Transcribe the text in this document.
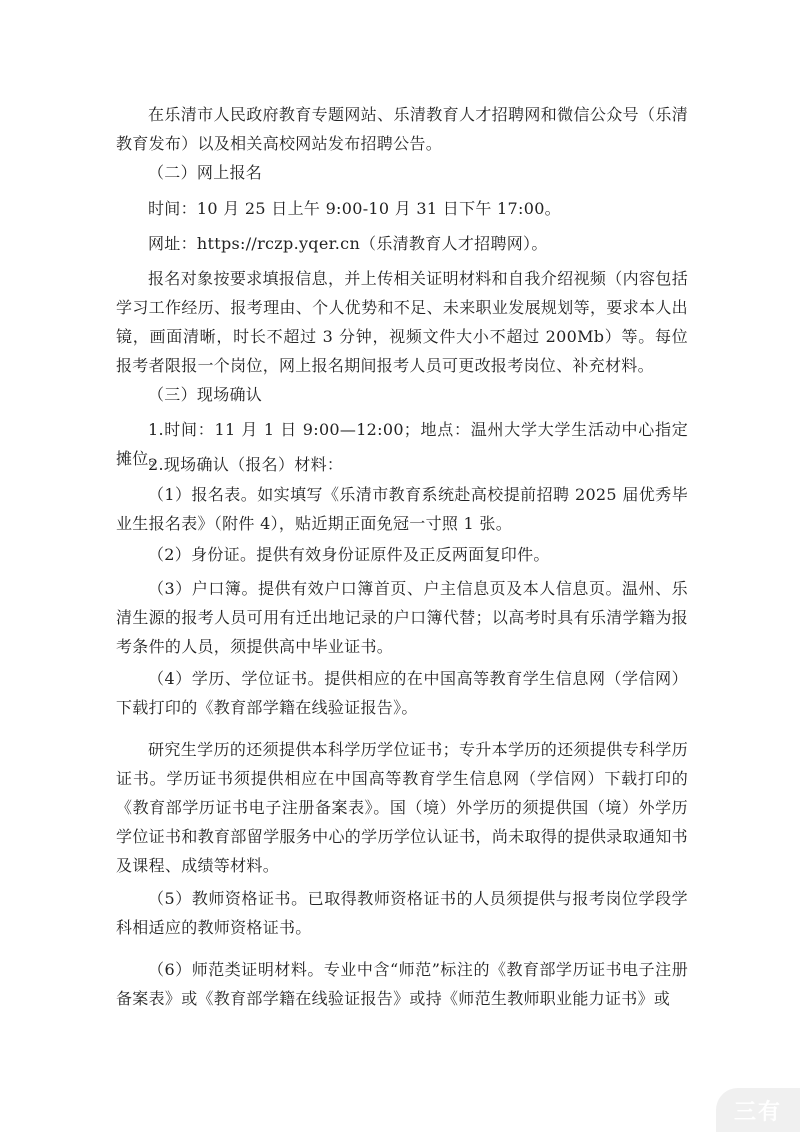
在乐清市人民政府教育专题网站、乐清教育人才招聘网和微信公众号（乐清教育发布）以及相关高校网站发布招聘公告。

（二）网上报名

时间：10 月 25 日上午 9:00-10 月 31 日下午 17:00。

网址：https://rczp.yqer.cn（乐清教育人才招聘网）。

报名对象按要求填报信息，并上传相关证明材料和自我介绍视频（内容包括学习工作经历、报考理由、个人优势和不足、未来职业发展规划等，要求本人出镜，画面清晰，时长不超过 3 分钟，视频文件大小不超过 200Mb）等。每位报考者限报一个岗位，网上报名期间报考人员可更改报考岗位、补充材料。

（三）现场确认

1.时间：11 月 1 日 9:00—12:00；地点：温州大学大学生活动中心指定摊位。

2.现场确认（报名）材料：

（1）报名表。如实填写《乐清市教育系统赴高校提前招聘 2025 届优秀毕业生报名表》（附件 4），贴近期正面免冠一寸照 1 张。

（2）身份证。提供有效身份证原件及正反两面复印件。

（3）户口簿。提供有效户口簿首页、户主信息页及本人信息页。温州、乐清生源的报考人员可用有迁出地记录的户口簿代替；以高考时具有乐清学籍为报考条件的人员，须提供高中毕业证书。

（4）学历、学位证书。提供相应的在中国高等教育学生信息网（学信网）下载打印的《教育部学籍在线验证报告》。

研究生学历的还须提供本科学历学位证书；专升本学历的还须提供专科学历证书。学历证书须提供相应在中国高等教育学生信息网（学信网）下载打印的《教育部学历证书电子注册备案表》。国（境）外学历的须提供国（境）外学历学位证书和教育部留学服务中心的学历学位认证书，尚未取得的提供录取通知书及课程、成绩等材料。

（5）教师资格证书。已取得教师资格证书的人员须提供与报考岗位学段学科相适应的教师资格证书。

（6）师范类证明材料。专业中含“师范”标注的《教育部学历证书电子注册备案表》或《教育部学籍在线验证报告》或持《师范生教师职业能力证书》或

三有
